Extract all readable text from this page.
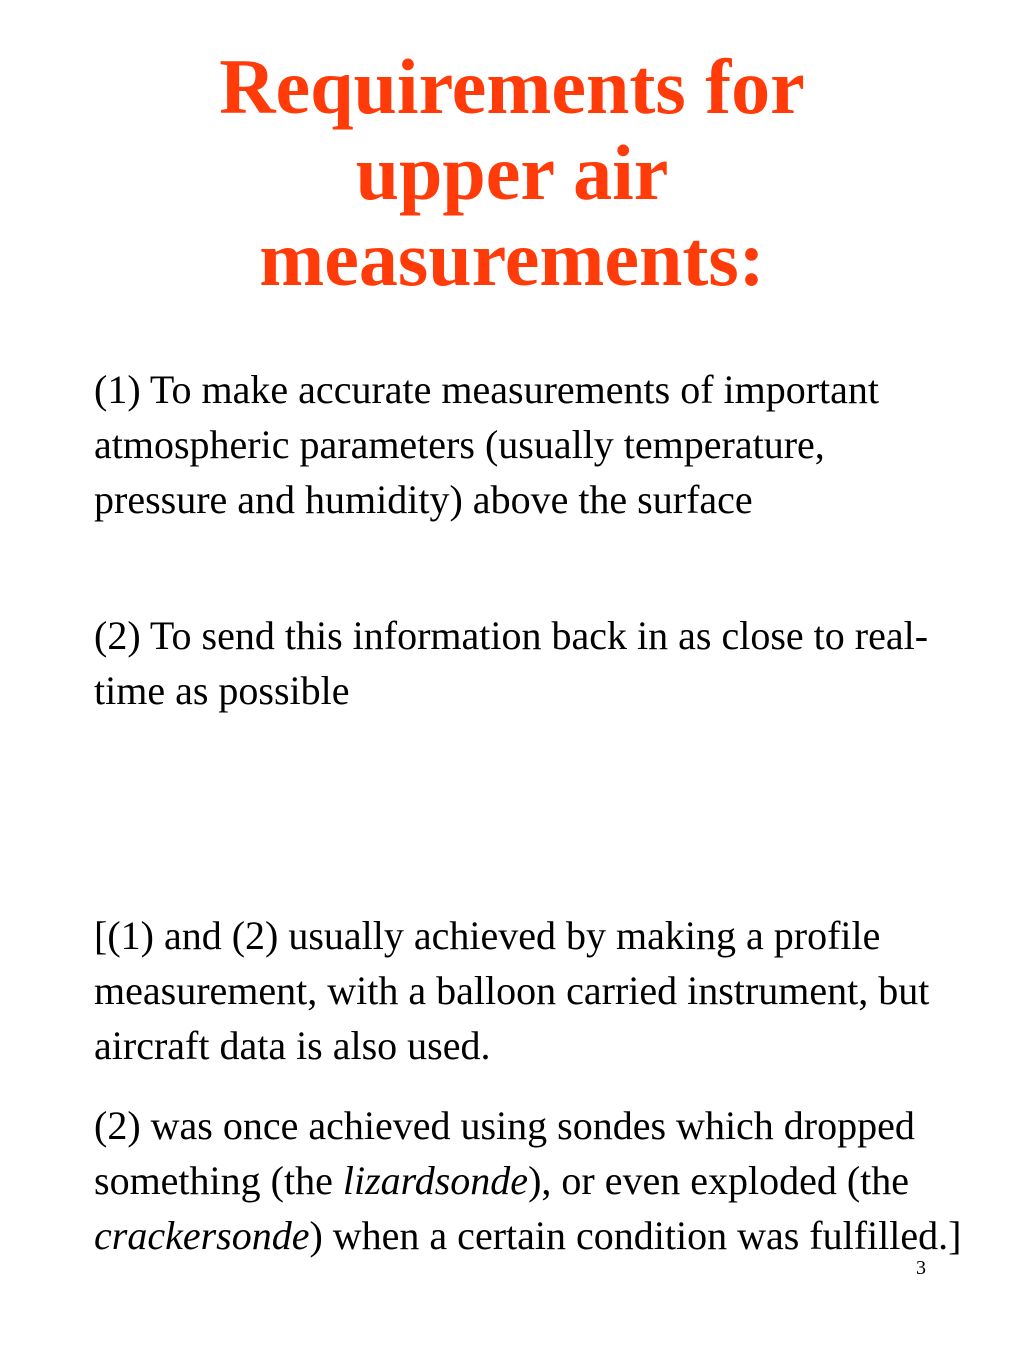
Requirements for
upper air
measurements:

(1) To make accurate measurements of important atmospheric parameters (usually temperature, pressure and humidity) above the surface

(2) To send this information back in as close to real-time as possible

[(1) and (2) usually achieved by making a profile measurement, with a balloon carried instrument, but aircraft data is also used.

(2) was once achieved using sondes which dropped something (the lizardsonde), or even exploded (the crackersonde) when a certain condition was fulfilled.]

3
